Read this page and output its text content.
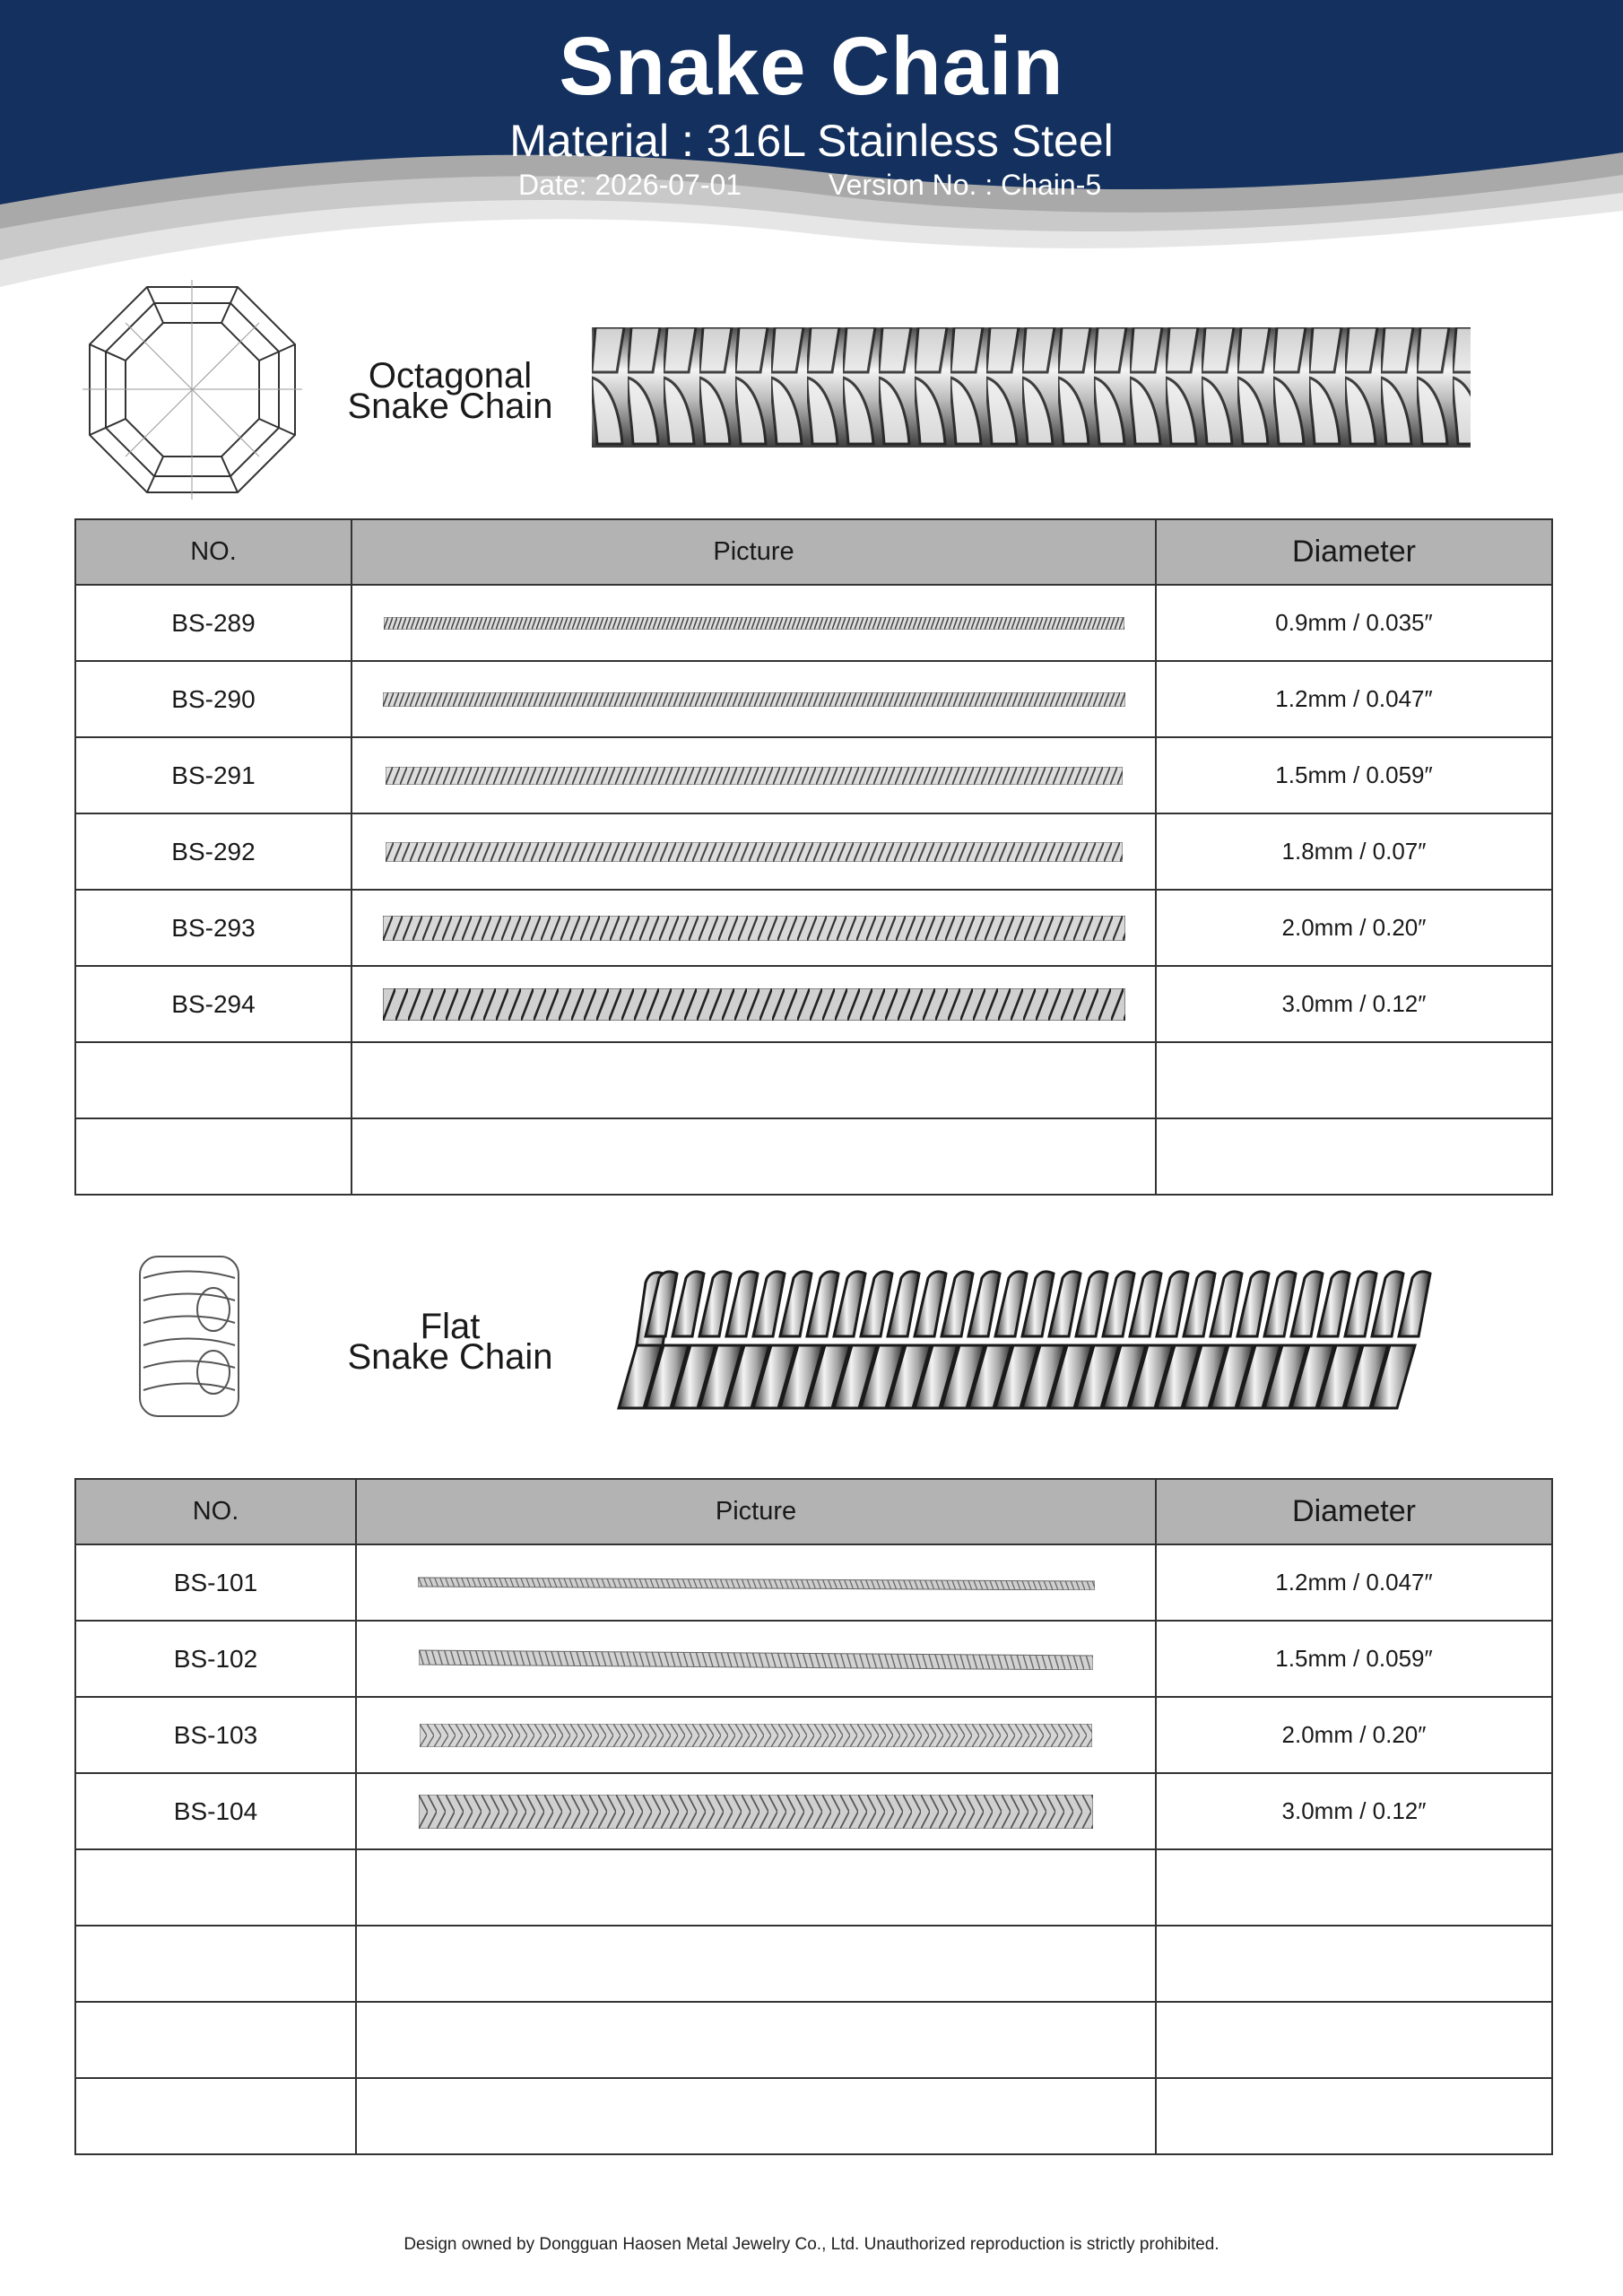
Snake Chain
Material : 316L Stainless Steel
Date: 2026-07-01	Version No. : Chain-5
Octagonal
Snake Chain
NO.	Picture	Diameter
BS-289		0.9mm / 0.035″
BS-290		1.2mm / 0.047″
BS-291		1.5mm / 0.059″
BS-292		1.8mm / 0.07″
BS-293		2.0mm / 0.20″
BS-294		3.0mm / 0.12″

Flat
Snake Chain
NO.	Picture	Diameter
BS-101		1.2mm / 0.047″
BS-102		1.5mm / 0.059″
BS-103		2.0mm / 0.20″
BS-104		3.0mm / 0.12″

Design owned by Dongguan Haosen Metal Jewelry Co., Ltd. Unauthorized reproduction is strictly prohibited.
